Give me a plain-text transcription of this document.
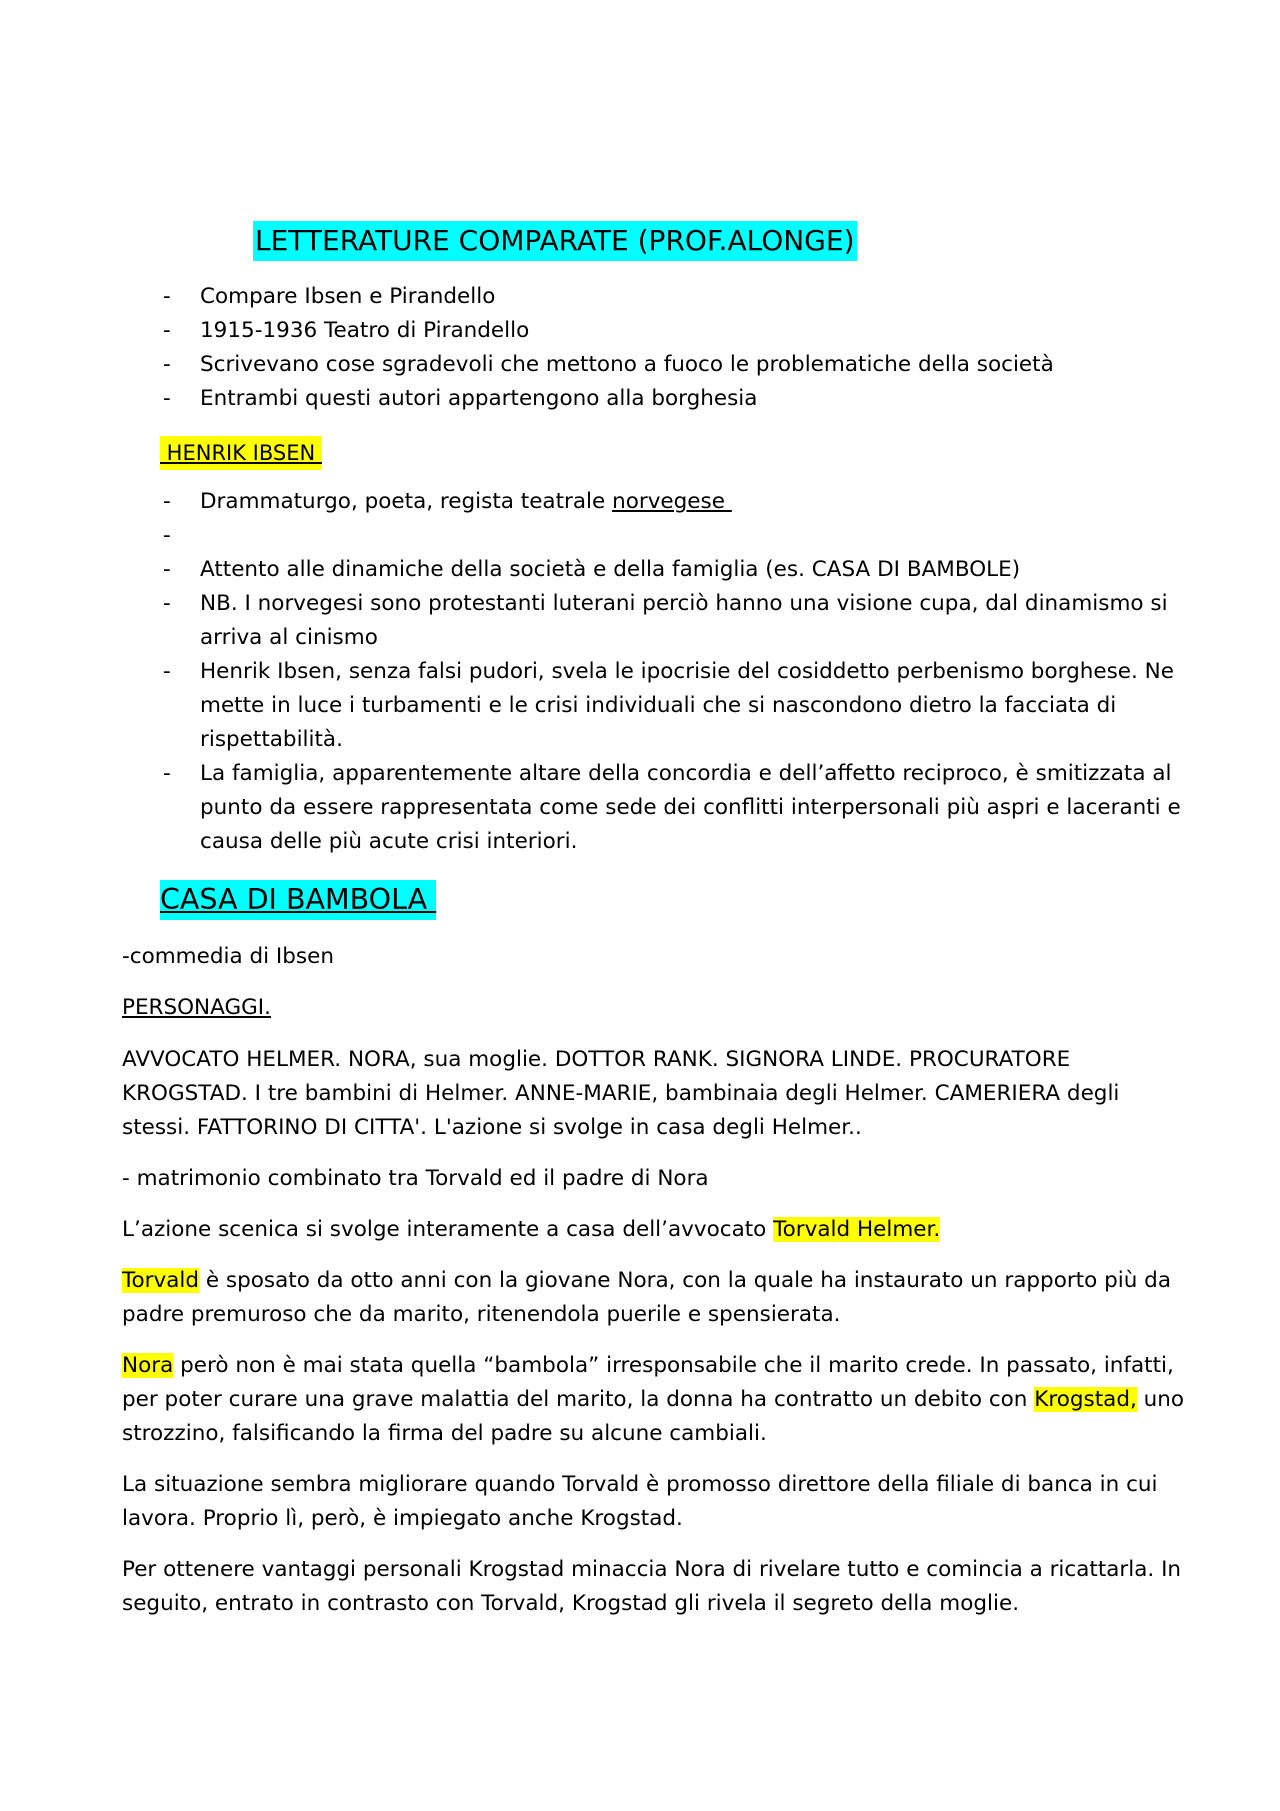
LETTERATURE COMPARATE (PROF.ALONGE)
- Compare Ibsen e Pirandello
- 1915-1936 Teatro di Pirandello
- Scrivevano cose sgradevoli che mettono a fuoco le problematiche della società
- Entrambi questi autori appartengono alla borghesia
HENRIK IBSEN
- Drammaturgo, poeta, regista teatrale norvegese
-
- Attento alle dinamiche della società e della famiglia (es. CASA DI BAMBOLE)
- NB. I norvegesi sono protestanti luterani perciò hanno una visione cupa, dal dinamismo si
arriva al cinismo
- Henrik Ibsen, senza falsi pudori, svela le ipocrisie del cosiddetto perbenismo borghese. Ne
mette in luce i turbamenti e le crisi individuali che si nascondono dietro la facciata di
rispettabilità.
- La famiglia, apparentemente altare della concordia e dell’affetto reciproco, è smitizzata al
punto da essere rappresentata come sede dei conflitti interpersonali più aspri e laceranti e
causa delle più acute crisi interiori.
CASA DI BAMBOLA
-commedia di Ibsen
PERSONAGGI.
AVVOCATO HELMER. NORA, sua moglie. DOTTOR RANK. SIGNORA LINDE. PROCURATORE
KROGSTAD. I tre bambini di Helmer. ANNE-MARIE, bambinaia degli Helmer. CAMERIERA degli
stessi. FATTORINO DI CITTA'. L'azione si svolge in casa degli Helmer..
- matrimonio combinato tra Torvald ed il padre di Nora
L’azione scenica si svolge interamente a casa dell’avvocato Torvald Helmer.
Torvald è sposato da otto anni con la giovane Nora, con la quale ha instaurato un rapporto più da
padre premuroso che da marito, ritenendola puerile e spensierata.
Nora però non è mai stata quella “bambola” irresponsabile che il marito crede. In passato, infatti,
per poter curare una grave malattia del marito, la donna ha contratto un debito con Krogstad, uno
strozzino, falsificando la firma del padre su alcune cambiali.
La situazione sembra migliorare quando Torvald è promosso direttore della filiale di banca in cui
lavora. Proprio lì, però, è impiegato anche Krogstad.
Per ottenere vantaggi personali Krogstad minaccia Nora di rivelare tutto e comincia a ricattarla. In
seguito, entrato in contrasto con Torvald, Krogstad gli rivela il segreto della moglie.
